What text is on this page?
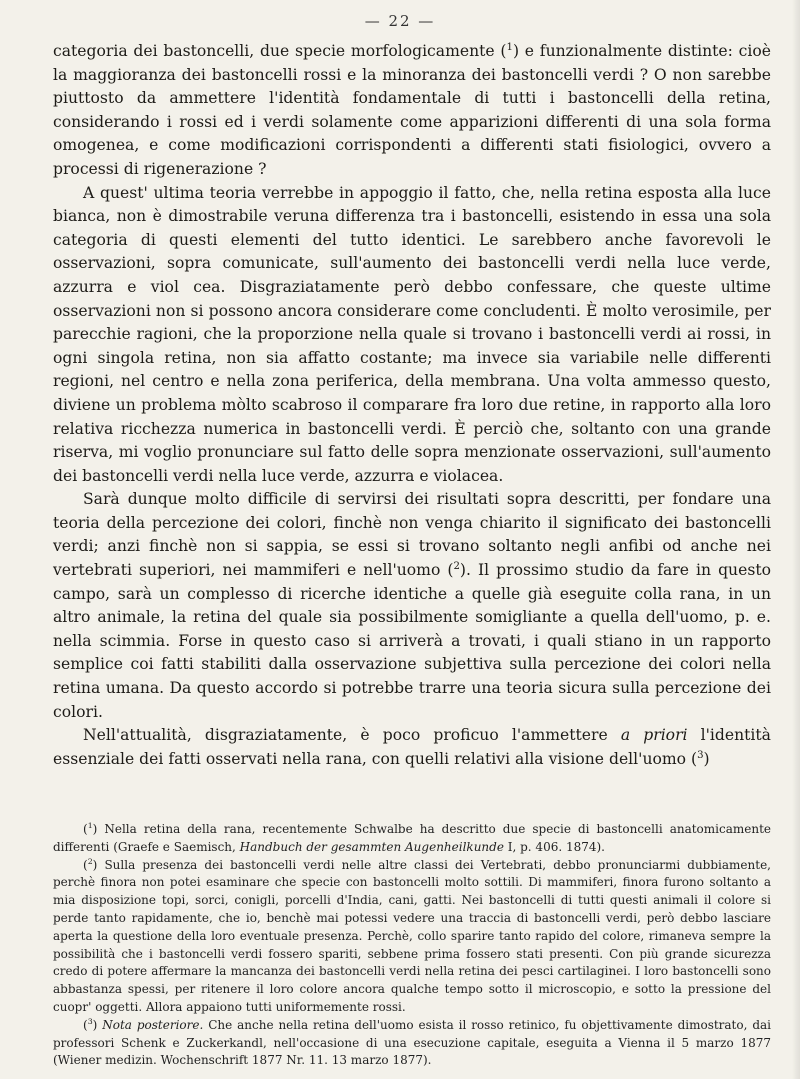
— 22 —

categoria dei bastoncelli, due specie morfologicamente ($^1$) e funzionalmente distinte: cioè la maggioranza dei bastoncelli rossi e la minoranza dei bastoncelli verdi ? O non sarebbe piuttosto da ammettere l'identità fondamentale di tutti i bastoncelli della retina, considerando i rossi ed i verdi solamente come apparizioni differenti di una sola forma omogenea, e come modificazioni corrispondenti a differenti stati fisiologici, ovvero a processi di rigenerazione ?

A quest' ultima teoria verrebbe in appoggio il fatto, che, nella retina esposta alla luce bianca, non è dimostrabile veruna differenza tra i bastoncelli, esistendo in essa una sola categoria di questi elementi del tutto identici. Le sarebbero anche favorevoli le osservazioni, sopra comunicate, sull'aumento dei bastoncelli verdi nella luce verde, azzurra e viol cea. Disgraziatamente però debbo confessare, che queste ultime osservazioni non si possono ancora considerare come concludenti. È molto verosimile, per parecchie ragioni, che la proporzione nella quale si trovano i bastoncelli verdi ai rossi, in ogni singola retina, non sia affatto costante; ma invece sia variabile nelle differenti regioni, nel centro e nella zona periferica, della membrana. Una volta ammesso questo, diviene un problema mòlto scabroso il comparare fra loro due retine, in rapporto alla loro relativa ricchezza numerica in bastoncelli verdi. È perciò che, soltanto con una grande riserva, mi voglio pronunciare sul fatto delle sopra menzionate osservazioni, sull'aumento dei bastoncelli verdi nella luce verde, azzurra e violacea.

Sarà dunque molto difficile di servirsi dei risultati sopra descritti, per fondare una teoria della percezione dei colori, finchè non venga chiarito il significato dei bastoncelli verdi; anzi finchè non si sappia, se essi si trovano soltanto negli anfibi od anche nei vertebrati superiori, nei mammiferi e nell'uomo ($^2$). Il prossimo studio da fare in questo campo, sarà un complesso di ricerche identiche a quelle già eseguite colla rana, in un altro animale, la retina del quale sia possibilmente somigliante a quella dell'uomo, p. e. nella scimmia. Forse in questo caso si arriverà a trovati, i quali stiano in un rapporto semplice coi fatti stabiliti dalla osservazione subjettiva sulla percezione dei colori nella retina umana. Da questo accordo si potrebbe trarre una teoria sicura sulla percezione dei colori.

Nell'attualità, disgraziatamente, è poco proficuo l'ammettere a priori l'identità essenziale dei fatti osservati nella rana, con quelli relativi alla visione dell'uomo ($^3$)

($^1$) Nella retina della rana, recentemente Schwalbe ha descritto due specie di bastoncelli anatomicamente differenti (Graefe e Saemisch, Handbuch der gesammten Augenheilkunde I, p. 406. 1874).

($^2$) Sulla presenza dei bastoncelli verdi nelle altre classi dei Vertebrati, debbo pronunciarmi dubbiamente, perchè finora non potei esaminare che specie con bastoncelli molto sottili. Di mammiferi, finora furono soltanto a mia disposizione topi, sorci, conigli, porcelli d'India, cani, gatti. Nei bastoncelli di tutti questi animali il colore si perde tanto rapidamente, che io, benchè mai potessi vedere una traccia di bastoncelli verdi, però debbo lasciare aperta la questione della loro eventuale presenza. Perchè, collo sparire tanto rapido del colore, rimaneva sempre la possibilità che i bastoncelli verdi fossero spariti, sebbene prima fossero stati presenti. Con più grande sicurezza credo di potere affermare la mancanza dei bastoncelli verdi nella retina dei pesci cartilaginei. I loro bastoncelli sono abbastanza spessi, per ritenere il loro colore ancora qualche tempo sotto il microscopio, e sotto la pressione del cuopr' oggetti. Allora appaiono tutti uniformemente rossi.

($^3$) Nota posteriore. Che anche nella retina dell'uomo esista il rosso retinico, fu objettivamente dimostrato, dai professori Schenk e Zuckerkandl, nell'occasione di una esecuzione capitale, eseguita a Vienna il 5 marzo 1877 (Wiener medizin. Wochenschrift 1877 Nr. 11. 13 marzo 1877).
